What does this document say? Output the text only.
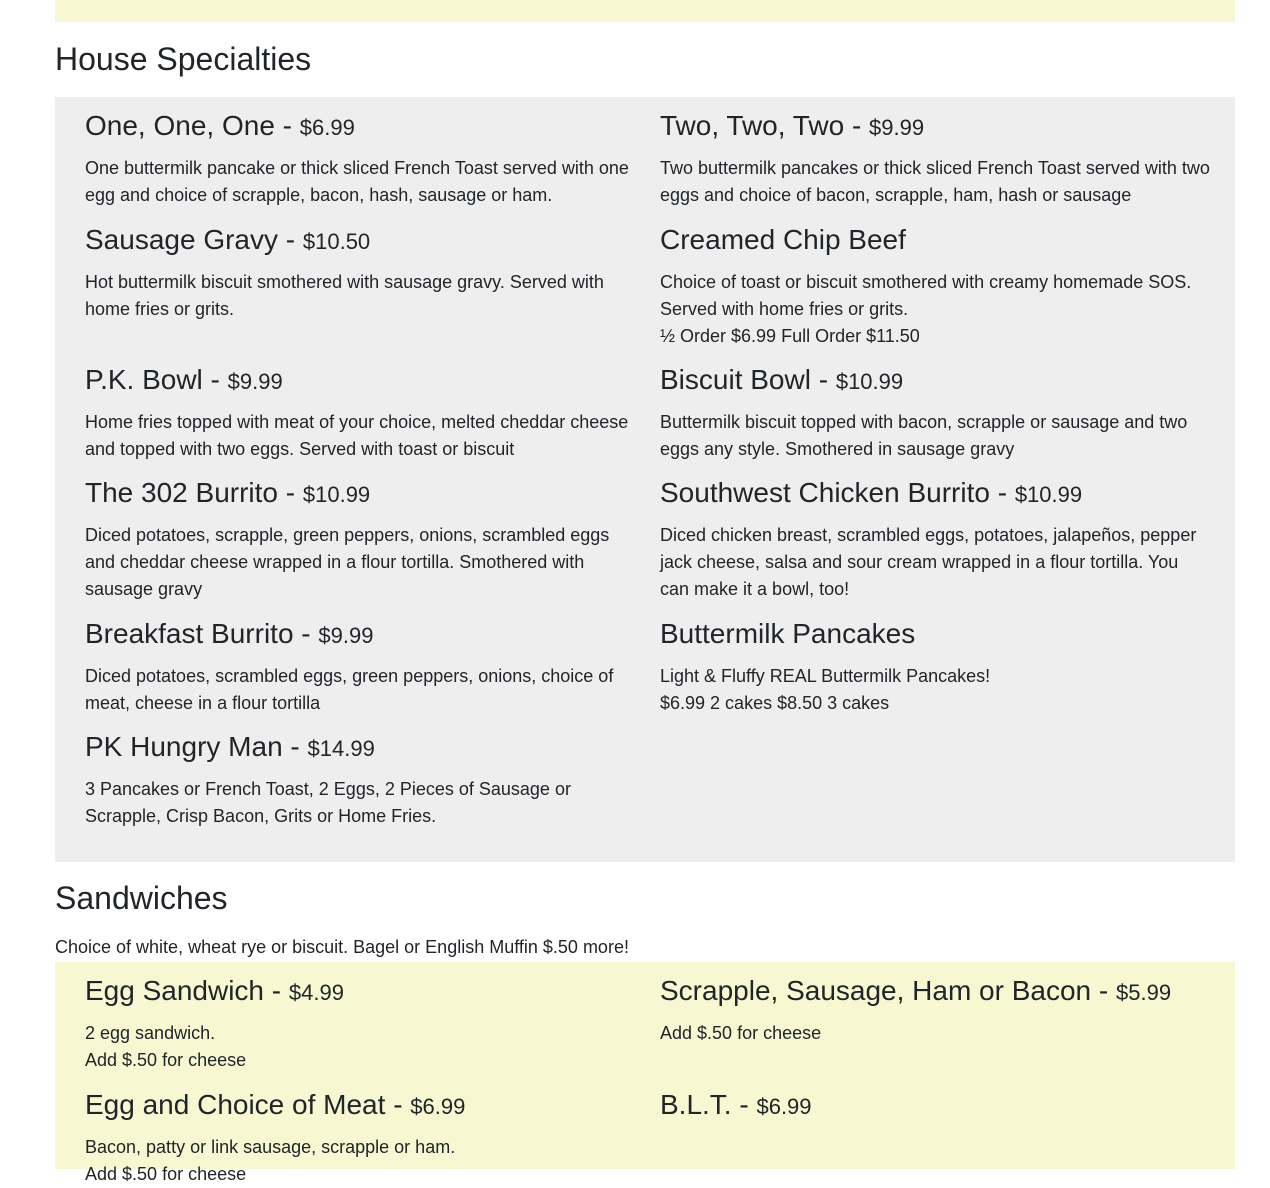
House Specialties
One, One, One - $6.99

One buttermilk pancake or thick sliced French Toast served with one egg and choice of scrapple, bacon, hash, sausage or ham.

Two, Two, Two - $9.99

Two buttermilk pancakes or thick sliced French Toast served with two eggs and choice of bacon, scrapple, ham, hash or sausage

Sausage Gravy - $10.50

Hot buttermilk biscuit smothered with sausage gravy. Served with home fries or grits.

Creamed Chip Beef

Choice of toast or biscuit smothered with creamy homemade SOS. Served with home fries or grits.

½ Order $6.99 Full Order $11.50

P.K. Bowl - $9.99

Home fries topped with meat of your choice, melted cheddar cheese and topped with two eggs. Served with toast or biscuit

Biscuit Bowl - $10.99

Buttermilk biscuit topped with bacon, scrapple or sausage and two eggs any style. Smothered in sausage gravy

The 302 Burrito - $10.99

Diced potatoes, scrapple, green peppers, onions, scrambled eggs and cheddar cheese wrapped in a flour tortilla. Smothered with sausage gravy

Southwest Chicken Burrito - $10.99

Diced chicken breast, scrambled eggs, potatoes, jalapeños, pepper jack cheese, salsa and sour cream wrapped in a flour tortilla. You can make it a bowl, too!

Breakfast Burrito - $9.99

Diced potatoes, scrambled eggs, green peppers, onions, choice of meat, cheese in a flour tortilla

Buttermilk Pancakes

Light & Fluffy REAL Buttermilk Pancakes!

$6.99 2 cakes $8.50 3 cakes

PK Hungry Man - $14.99

3 Pancakes or French Toast, 2 Eggs, 2 Pieces of Sausage or Scrapple, Crisp Bacon, Grits or Home Fries.

Sandwiches

Choice of white, wheat rye or biscuit. Bagel or English Muffin $.50 more!

Egg Sandwich - $4.99

2 egg sandwich.

Add $.50 for cheese

Scrapple, Sausage, Ham or Bacon - $5.99

Add $.50 for cheese

Egg and Choice of Meat - $6.99

Bacon, patty or link sausage, scrapple or ham.

Add $.50 for cheese

B.L.T. - $6.99
